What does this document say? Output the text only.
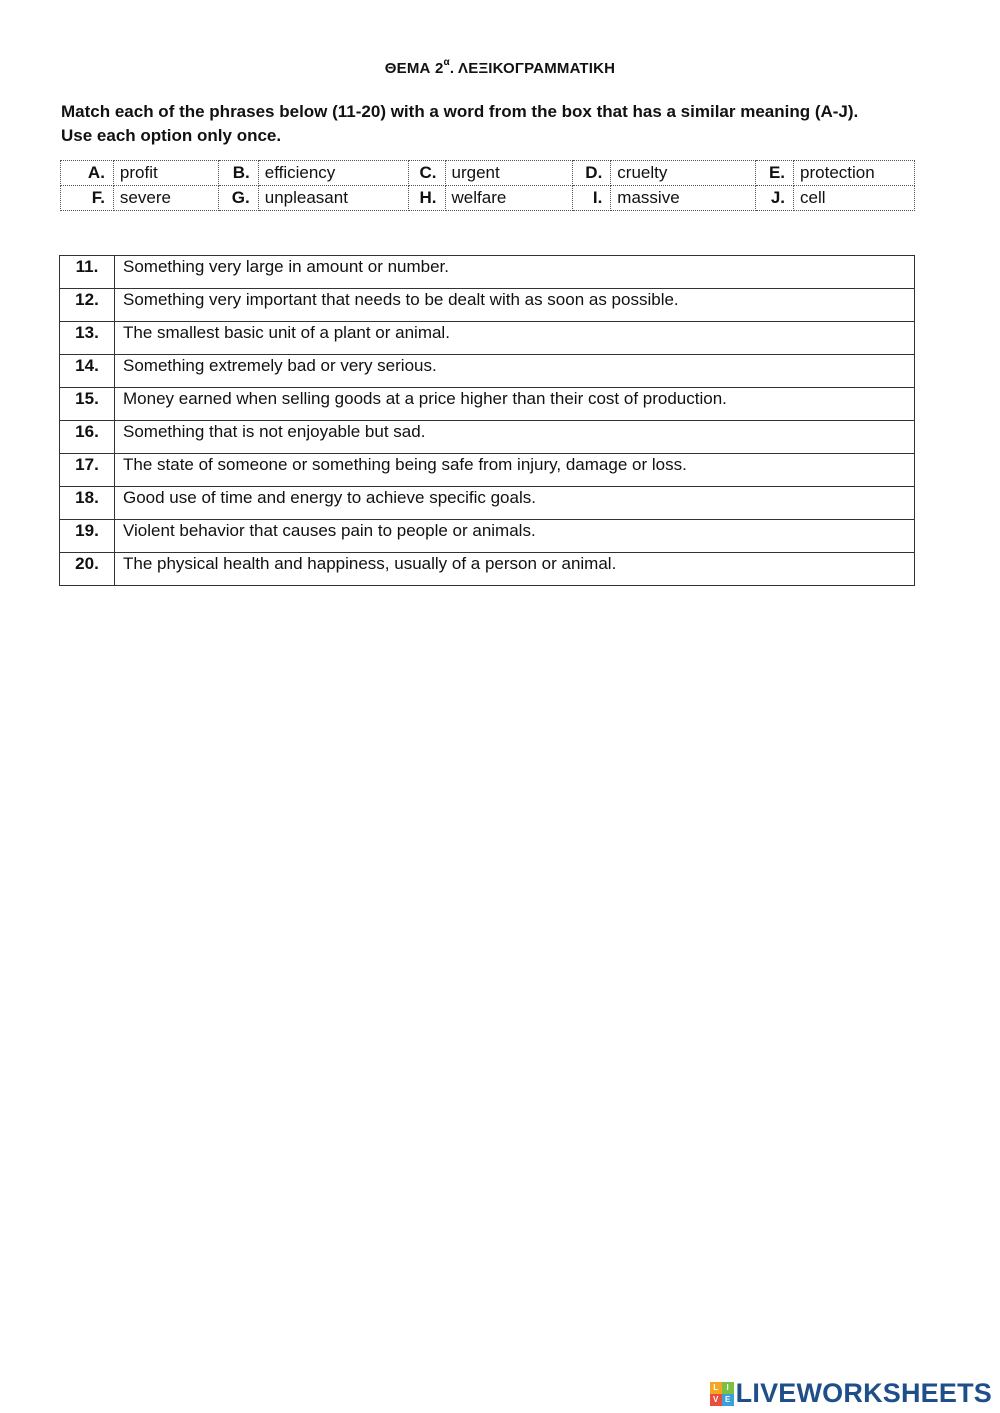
ΘΕΜΑ $2^\alpha$. ΛΕΞΙΚΟΓΡΑΜΜΑΤΙΚΗ
Match each of the phrases below (11-20) with a word from the box that has a similar meaning (A-J).
Use each option only once.
A.	profit	B.	efficiency	C.	urgent	D.	cruelty	E.	protection
F.	severe	G.	unpleasant	H.	welfare	I.	massive	J.	cell
11.	Something very large in amount or number.
12.	Something very important that needs to be dealt with as soon as possible.
13.	The smallest basic unit of a plant or animal.
14.	Something extremely bad or very serious.
15.	Money earned when selling goods at a price higher than their cost of production.
16.	Something that is not enjoyable but sad.
17.	The state of someone or something being safe from injury, damage or loss.
18.	Good use of time and energy to achieve specific goals.
19.	Violent behavior that causes pain to people or animals.
20.	The physical health and happiness, usually of a person or animal.
L	I
V E LIVEWORKSHEETS
